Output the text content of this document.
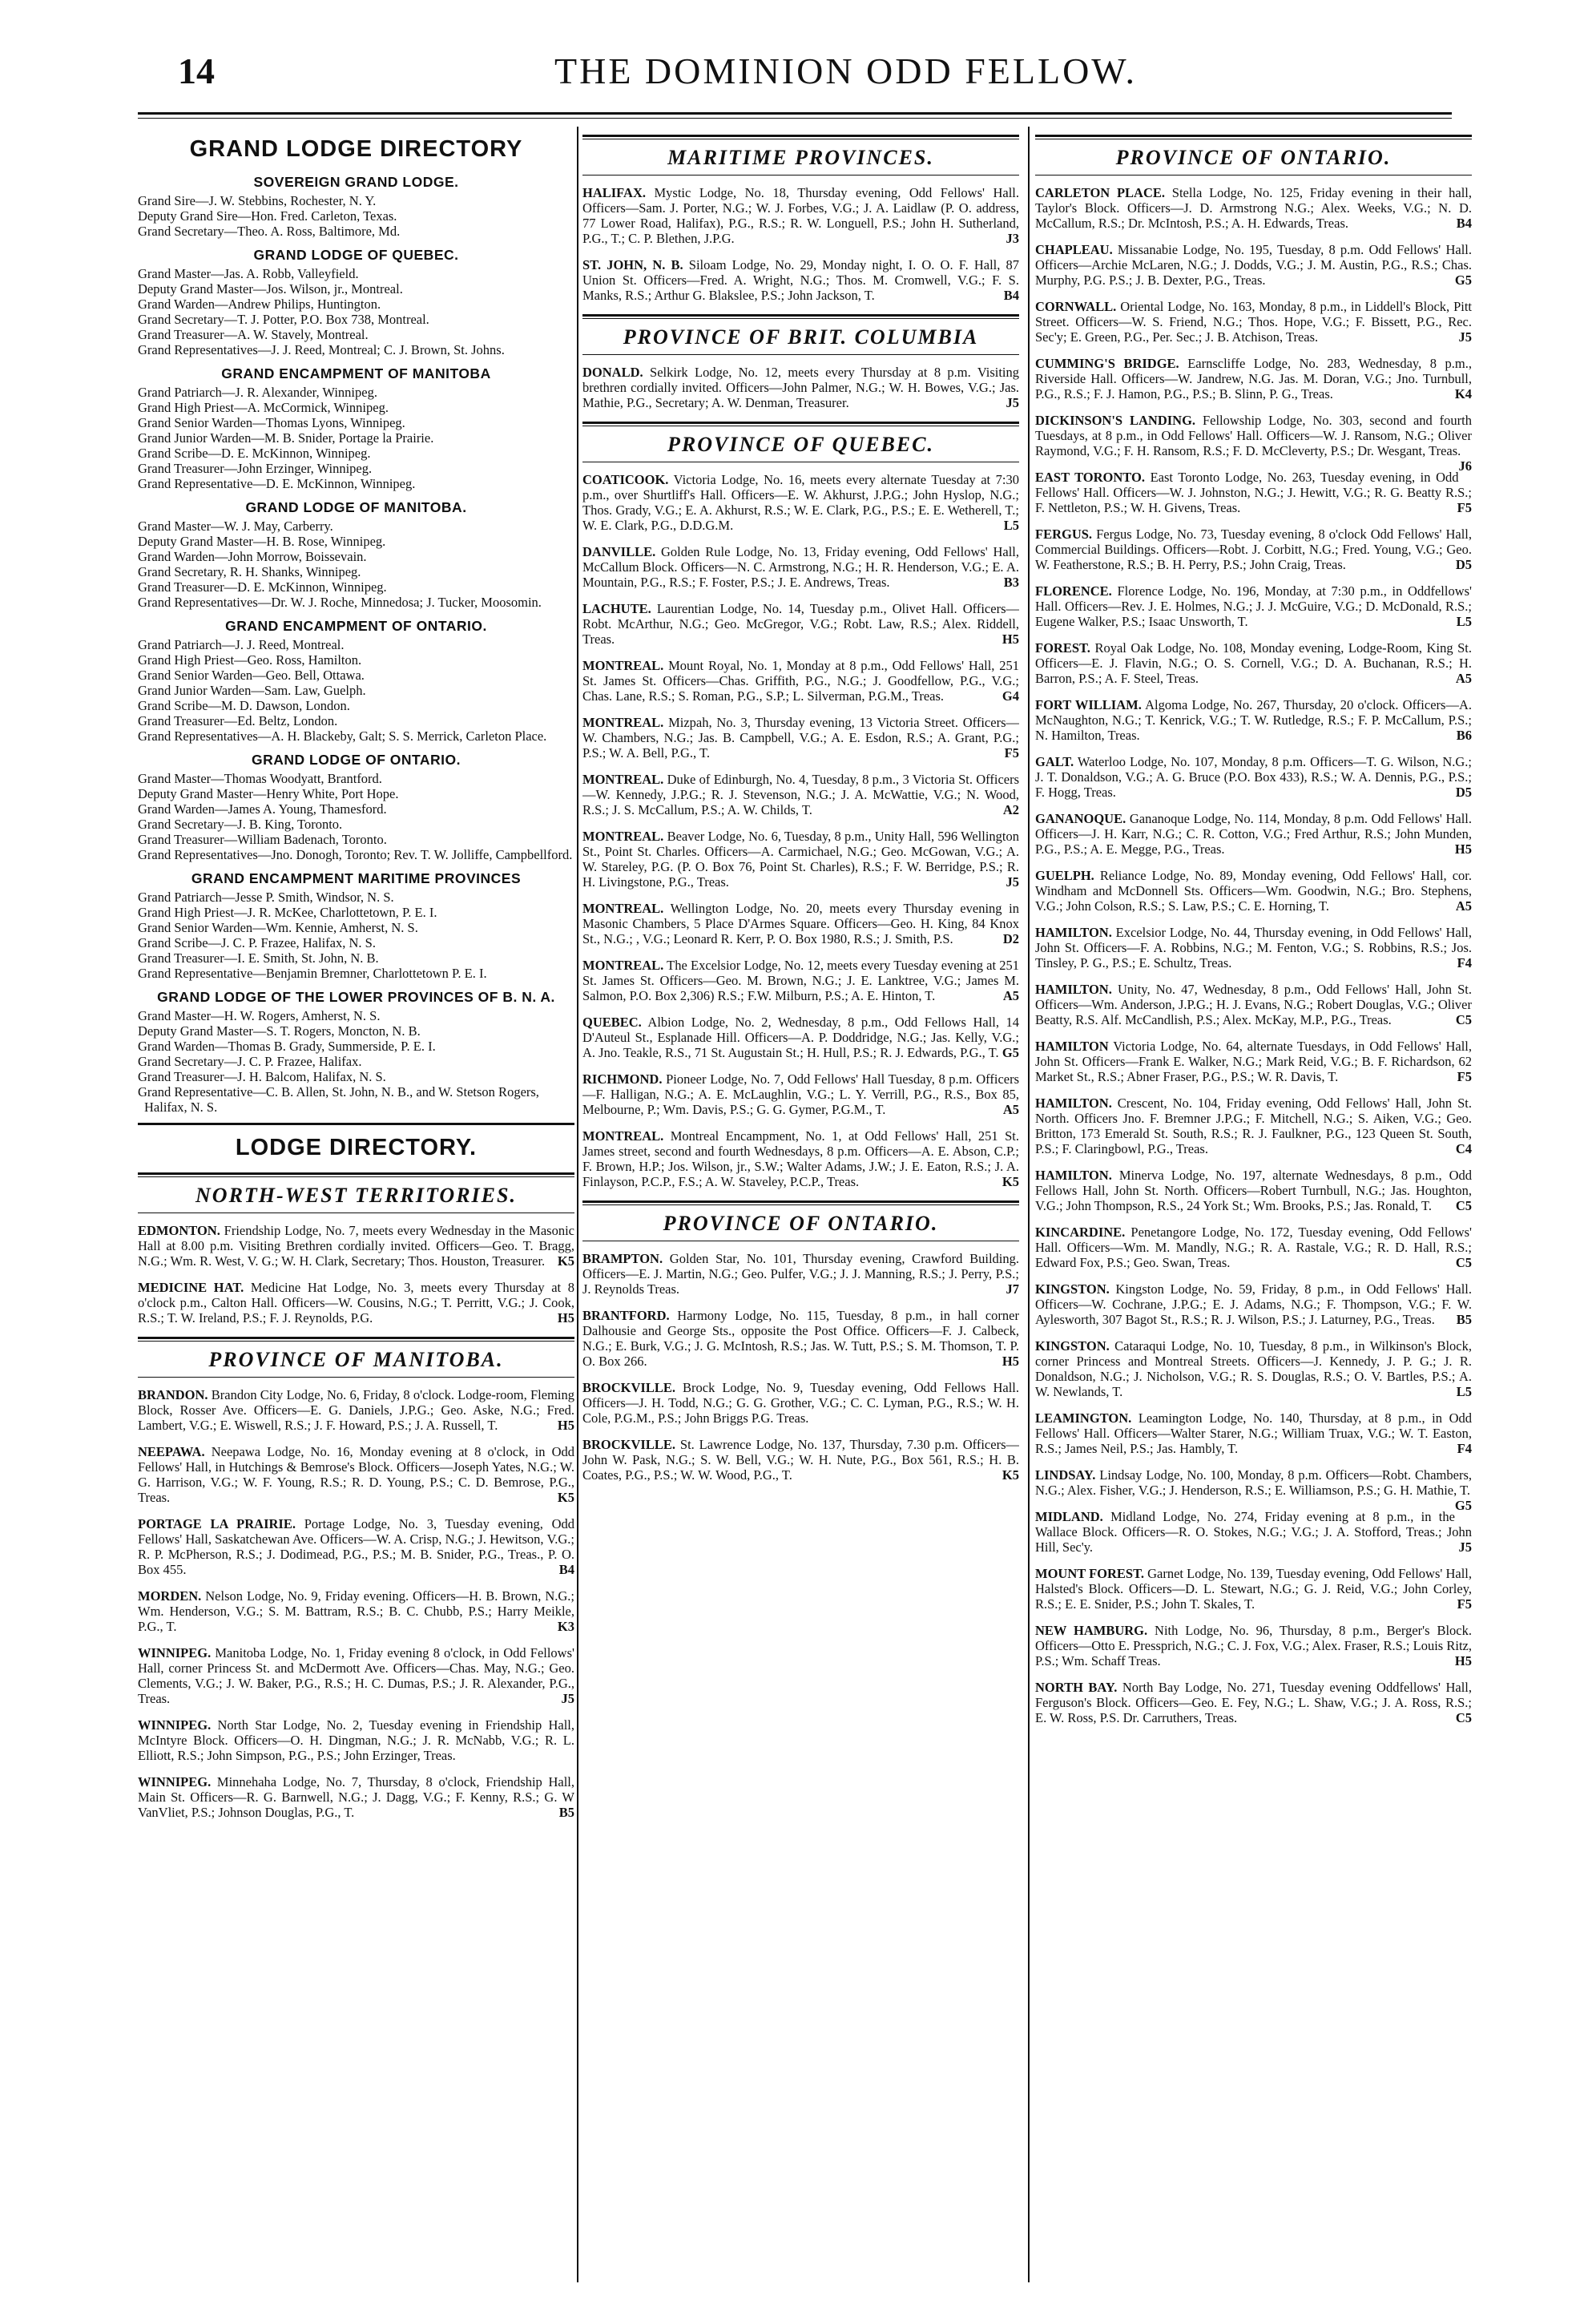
14	THE DOMINION ODD FELLOW.
GRAND LODGE DIRECTORY
SOVEREIGN GRAND LODGE.

Grand Sire—J. W. Stebbins, Rochester, N. Y.

Deputy Grand Sire—Hon. Fred. Carleton, Texas.

Grand Secretary—Theo. A. Ross, Baltimore, Md.

GRAND LODGE OF QUEBEC.

Grand Master—Jas. A. Robb, Valleyfield.

Deputy Grand Master—Jos. Wilson, jr., Montreal.

Grand Warden—Andrew Philips, Huntington.

Grand Secretary—T. J. Potter, P.O. Box 738, Montreal.

Grand Treasurer—A. W. Stavely, Montreal.

Grand Representatives—J. J. Reed, Montreal; C. J. Brown, St. Johns.

GRAND ENCAMPMENT OF MANITOBA

Grand Patriarch—J. R. Alexander, Winnipeg.

Grand High Priest—A. McCormick, Winnipeg.

Grand Senior Warden—Thomas Lyons, Winnipeg.

Grand Junior Warden—M. B. Snider, Portage la Prairie.

Grand Scribe—D. E. McKinnon, Winnipeg.

Grand Treasurer—John Erzinger, Winnipeg.

Grand Representative—D. E. McKinnon, Winnipeg.

GRAND LODGE OF MANITOBA.

Grand Master—W. J. May, Carberry.

Deputy Grand Master—H. B. Rose, Winnipeg.

Grand Warden—John Morrow, Boissevain.

Grand Secretary, R. H. Shanks, Winnipeg.

Grand Treasurer—D. E. McKinnon, Winnipeg.

Grand Representatives—Dr. W. J. Roche, Minnedosa; J. Tucker, Moosomin.

GRAND ENCAMPMENT OF ONTARIO.

Grand Patriarch—J. J. Reed, Montreal.

Grand High Priest—Geo. Ross, Hamilton.

Grand Senior Warden—Geo. Bell, Ottawa.

Grand Junior Warden—Sam. Law, Guelph.

Grand Scribe—M. D. Dawson, London.

Grand Treasurer—Ed. Beltz, London.

Grand Representatives—A. H. Blackeby, Galt; S. S. Merrick, Carleton Place.

GRAND LODGE OF ONTARIO.

Grand Master—Thomas Woodyatt, Brantford.

Deputy Grand Master—Henry White, Port Hope.

Grand Warden—James A. Young, Thamesford.

Grand Secretary—J. B. King, Toronto.

Grand Treasurer—William Badenach, Toronto.

Grand Representatives—Jno. Donogh, Toronto; Rev. T. W. Jolliffe, Campbellford.

GRAND ENCAMPMENT MARITIME PROVINCES

Grand Patriarch—Jesse P. Smith, Windsor, N. S.

Grand High Priest—J. R. McKee, Charlottetown, P. E. I.

Grand Senior Warden—Wm. Kennie, Amherst, N. S.

Grand Scribe—J. C. P. Frazee, Halifax, N. S.

Grand Treasurer—I. E. Smith, St. John, N. B.

Grand Representative—Benjamin Bremner, Charlottetown P. E. I.

GRAND LODGE OF THE LOWER PROVINCES OF B. N. A.

Grand Master—H. W. Rogers, Amherst, N. S.

Deputy Grand Master—S. T. Rogers, Moncton, N. B.

Grand Warden—Thomas B. Grady, Summerside, P. E. I.

Grand Secretary—J. C. P. Frazee, Halifax.

Grand Treasurer—J. H. Balcom, Halifax, N. S.

Grand Representative—C. B. Allen, St. John, N. B., and W. Stetson Rogers, Halifax, N. S.

LODGE DIRECTORY.
NORTH-WEST TERRITORIES.

EDMONTON. Friendship Lodge, No. 7, meets every Wednesday in the Masonic Hall at 8.00 p.m. Visiting Brethren cordially invited. Officers—Geo. T. Bragg, N.G.; Wm. R. West, V. G.; W. H. Clark, Secretary; Thos. Houston, Treasurer. K5

MEDICINE HAT. Medicine Hat Lodge, No. 3, meets every Thursday at 8 o'clock p.m., Calton Hall. Officers—W. Cousins, N.G.; T. Perritt, V.G.; J. Cook, R.S.; T. W. Ireland, P.S.; F. J. Reynolds, P.G.	H5

PROVINCE OF MANITOBA.

BRANDON. Brandon City Lodge, No. 6, Friday, 8 o'clock. Lodge-room, Fleming Block, Rosser Ave. Officers—E. G. Daniels, J.P.G.; Geo. Aske, N.G.; Fred. Lambert, V.G.; E. Wiswell, R.S.; J. F. Howard, P.S.; J. A. Russell, T.	H5

NEEPAWA. Neepawa Lodge, No. 16, Monday evening at 8 o'clock, in Odd Fellows' Hall, in Hutchings & Bemrose's Block. Officers—Joseph Yates, N.G.; W. G. Harrison, V.G.; W. F. Young, R.S.; R. D. Young, P.S.; C. D. Bemrose, P.G., Treas.	K5

PORTAGE LA PRAIRIE. Portage Lodge, No. 3, Tuesday evening, Odd Fellows' Hall, Saskatchewan Ave. Officers—W. A. Crisp, N.G.; J. Hewitson, V.G.; R. P. McPherson, R.S.; J. Dodimead, P.G., P.S.; M. B. Snider, P.G., Treas., P. O. Box 455.	B4

MORDEN. Nelson Lodge, No. 9, Friday evening. Officers—H. B. Brown, N.G.; Wm. Henderson, V.G.; S. M. Battram, R.S.; B. C. Chubb, P.S.; Harry Meikle, P.G., T.	K3

WINNIPEG. Manitoba Lodge, No. 1, Friday evening 8 o'clock, in Odd Fellows' Hall, corner Princess St. and McDermott Ave. Officers—Chas. May, N.G.; Geo. Clements, V.G.; J. W. Baker, P.G., R.S.; H. C. Dumas, P.S.; J. R. Alexander, P.G., Treas.	J5

WINNIPEG. North Star Lodge, No. 2, Tuesday evening in Friendship Hall, McIntyre Block. Officers—O. H. Dingman, N.G.; J. R. McNabb, V.G.; R. L. Elliott, R.S.; John Simpson, P.G., P.S.; John Erzinger, Treas.

WINNIPEG. Minnehaha Lodge, No. 7, Thursday, 8 o'clock, Friendship Hall, Main St. Officers—R. G. Barnwell, N.G.; J. Dagg, V.G.; F. Kenny, R.S.; G. W VanVliet, P.S.; Johnson Douglas, P.G., T.	B5

MARITIME PROVINCES.

HALIFAX. Mystic Lodge, No. 18, Thursday evening, Odd Fellows' Hall. Officers—Sam. J. Porter, N.G.; W. J. Forbes, V.G.; J. A. Laidlaw (P. O. address, 77 Lower Road, Halifax), P.G., R.S.; R. W. Longuell, P.S.; John H. Sutherland, P.G., T.; C. P. Blethen, J.P.G.	J3

ST. JOHN, N. B. Siloam Lodge, No. 29, Monday night, I. O. O. F. Hall, 87 Union St. Officers—Fred. A. Wright, N.G.; Thos. M. Cromwell, V.G.; F. S. Manks, R.S.; Arthur G. Blakslee, P.S.; John Jackson, T.	B4

PROVINCE OF BRIT. COLUMBIA

DONALD. Selkirk Lodge, No. 12, meets every Thursday at 8 p.m. Visiting brethren cordially invited. Officers—John Palmer, N.G.; W. H. Bowes, V.G.; Jas. Mathie, P.G., Secretary; A. W. Denman, Treasurer.	J5

PROVINCE OF QUEBEC.

COATICOOK. Victoria Lodge, No. 16, meets every alternate Tuesday at 7:30 p.m., over Shurtliff's Hall. Officers—E. W. Akhurst, J.P.G.; John Hyslop, N.G.; Thos. Grady, V.G.; E. A. Akhurst, R.S.; W. E. Clark, P.G., P.S.; E. E. Wetherell, T.; W. E. Clark, P.G., D.D.G.M.	L5

DANVILLE. Golden Rule Lodge, No. 13, Friday evening, Odd Fellows' Hall, McCallum Block. Officers—N. C. Armstrong, N.G.; H. R. Henderson, V.G.; E. A. Mountain, P.G., R.S.; F. Foster, P.S.; J. E. Andrews, Treas.	B3

LACHUTE. Laurentian Lodge, No. 14, Tuesday p.m., Olivet Hall. Officers—Robt. McArthur, N.G.; Geo. McGregor, V.G.; Robt. Law, R.S.; Alex. Riddell, Treas.	H5

MONTREAL. Mount Royal, No. 1, Monday at 8 p.m., Odd Fellows' Hall, 251 St. James St. Officers—Chas. Griffith, P.G., N.G.; J. Goodfellow, P.G., V.G.; Chas. Lane, R.S.; S. Roman, P.G., S.P.; L. Silverman, P.G.M., Treas.	G4

MONTREAL. Mizpah, No. 3, Thursday evening, 13 Victoria Street. Officers—W. Chambers, N.G.; Jas. B. Campbell, V.G.; A. E. Esdon, R.S.; A. Grant, P.G.; P.S.; W. A. Bell, P.G., T.	F5

MONTREAL. Duke of Edinburgh, No. 4, Tuesday, 8 p.m., 3 Victoria St. Officers—W. Kennedy, J.P.G.; R. J. Stevenson, N.G.; J. A. McWattie, V.G.; N. Wood, R.S.; J. S. McCallum, P.S.; A. W. Childs, T.	A2

MONTREAL. Beaver Lodge, No. 6, Tuesday, 8 p.m., Unity Hall, 596 Wellington St., Point St. Charles. Officers—A. Carmichael, N.G.; Geo. McGowan, V.G.; A. W. Stareley, P.G. (P. O. Box 76, Point St. Charles), R.S.; F. W. Berridge, P.S.; R. H. Livingstone, P.G., Treas.	J5

MONTREAL. Wellington Lodge, No. 20, meets every Thursday evening in Masonic Chambers, 5 Place D'Armes Square. Officers—Geo. H. King, 84 Knox St., N.G.; , V.G.; Leonard R. Kerr, P. O. Box 1980, R.S.; J. Smith, P.S.	D2

MONTREAL. The Excelsior Lodge, No. 12, meets every Tuesday evening at 251 St. James St. Officers—Geo. M. Brown, N.G.; J. E. Lanktree, V.G.; James M. Salmon, P.O. Box 2,306) R.S.; F.W. Milburn, P.S.; A. E. Hinton, T.	A5

QUEBEC. Albion Lodge, No. 2, Wednesday, 8 p.m., Odd Fellows Hall, 14 D'Auteul St., Esplanade Hill. Officers—A. P. Doddridge, N.G.; Jas. Kelly, V.G.; A. Jno. Teakle, R.S., 71 St. Augustain St.; H. Hull, P.S.; R. J. Edwards, P.G., T. G5

RICHMOND. Pioneer Lodge, No. 7, Odd Fellows' Hall Tuesday, 8 p.m. Officers—F. Halligan, N.G.; A. E. McLaughlin, V.G.; L. Y. Verrill, P.G., R.S., Box 85, Melbourne, P.; Wm. Davis, P.S.; G. G. Gymer, P.G.M., T.	A5

MONTREAL. Montreal Encampment, No. 1, at Odd Fellows' Hall, 251 St. James street, second and fourth Wednesdays, 8 p.m. Officers—A. E. Abson, C.P.; F. Brown, H.P.; Jos. Wilson, jr., S.W.; Walter Adams, J.W.; J. E. Eaton, R.S.; J. A. Finlayson, P.C.P., F.S.; A. W. Staveley, P.C.P., Treas.	K5

PROVINCE OF ONTARIO.

BRAMPTON. Golden Star, No. 101, Thursday evening, Crawford Building. Officers—E. J. Martin, N.G.; Geo. Pulfer, V.G.; J. J. Manning, R.S.; J. Perry, P.S.; J. Reynolds Treas.	J7

BRANTFORD. Harmony Lodge, No. 115, Tuesday, 8 p.m., in hall corner Dalhousie and George Sts., opposite the Post Office. Officers—F. J. Calbeck, N.G.; E. Burk, V.G.; J. G. McIntosh, R.S.; Jas. W. Tutt, P.S.; S. M. Thomson, T. P. O. Box 266.	H5

BROCKVILLE. Brock Lodge, No. 9, Tuesday evening, Odd Fellows Hall. Officers—J. H. Todd, N.G.; G. G. Grother, V.G.; C. C. Lyman, P.G., R.S.; W. H. Cole, P.G.M., P.S.; John Briggs P.G. Treas.

BROCKVILLE. St. Lawrence Lodge, No. 137, Thursday, 7.30 p.m. Officers—John W. Pask, N.G.; S. W. Bell, V.G.; W. H. Nute, P.G., Box 561, R.S.; H. B. Coates, P.G., P.S.; W. W. Wood, P.G., T.	K5

PROVINCE OF ONTARIO.

CARLETON PLACE. Stella Lodge, No. 125, Friday evening in their hall, Taylor's Block. Officers—J. D. Armstrong N.G.; Alex. Weeks, V.G.; N. D. McCallum, R.S.; Dr. McIntosh, P.S.; A. H. Edwards, Treas.	B4

CHAPLEAU. Missanabie Lodge, No. 195, Tuesday, 8 p.m. Odd Fellows' Hall. Officers—Archie McLaren, N.G.; J. Dodds, V.G.; J. M. Austin, P.G., R.S.; Chas. Murphy, P.G. P.S.; J. B. Dexter, P.G., Treas.	G5

CORNWALL. Oriental Lodge, No. 163, Monday, 8 p.m., in Liddell's Block, Pitt Street. Officers—W. S. Friend, N.G.; Thos. Hope, V.G.; F. Bissett, P.G., Rec. Sec'y; E. Green, P.G., Per. Sec.; J. B. Atchison, Treas.	J5

CUMMING'S BRIDGE. Earnscliffe Lodge, No. 283, Wednesday, 8 p.m., Riverside Hall. Officers—W. Jandrew, N.G. Jas. M. Doran, V.G.; Jno. Turnbull, P.G., R.S.; F. J. Hamon, P.G., P.S.; B. Slinn, P. G., Treas.	K4

DICKINSON'S LANDING. Fellowship Lodge, No. 303, second and fourth Tuesdays, at 8 p.m., in Odd Fellows' Hall. Officers—W. J. Ransom, N.G.; Oliver Raymond, V.G.; F. H. Ransom, R.S.; F. D. McCleverty, P.S.; Dr. Wesgant, Treas.
J6

EAST TORONTO. East Toronto Lodge, No. 263, Tuesday evening, in Odd Fellows' Hall. Officers—W. J. Johnston, N.G.; J. Hewitt, V.G.; R. G. Beatty R.S.; F. Nettleton, P.S.; W. H. Givens, Treas.	F5

FERGUS. Fergus Lodge, No. 73, Tuesday evening, 8 o'clock Odd Fellows' Hall, Commercial Buildings. Officers—Robt. J. Corbitt, N.G.; Fred. Young, V.G.; Geo. W. Featherstone, R.S.; B. H. Perry, P.S.; John Craig, Treas.	D5

FLORENCE. Florence Lodge, No. 196, Monday, at 7:30 p.m., in Oddfellows' Hall. Officers—Rev. J. E. Holmes, N.G.; J. J. McGuire, V.G.; D. McDonald, R.S.; Eugene Walker, P.S.; Isaac Unsworth, T.	L5

FOREST. Royal Oak Lodge, No. 108, Monday evening, Lodge-Room, King St. Officers—E. J. Flavin, N.G.; O. S. Cornell, V.G.; D. A. Buchanan, R.S.; H. Barron, P.S.; A. F. Steel, Treas.	A5

FORT WILLIAM. Algoma Lodge, No. 267, Thursday, 20 o'clock. Officers—A. McNaughton, N.G.; T. Kenrick, V.G.; T. W. Rutledge, R.S.; F. P. McCallum, P.S.; N. Hamilton, Treas.	B6

GALT. Waterloo Lodge, No. 107, Monday, 8 p.m. Officers—T. G. Wilson, N.G.; J. T. Donaldson, V.G.; A. G. Bruce (P.O. Box 433), R.S.; W. A. Dennis, P.G., P.S.; F. Hogg, Treas.	D5

GANANOQUE. Gananoque Lodge, No. 114, Monday, 8 p.m. Odd Fellows' Hall. Officers—J. H. Karr, N.G.; C. R. Cotton, V.G.; Fred Arthur, R.S.; John Munden, P.G., P.S.; A. E. Megge, P.G., Treas.	H5

GUELPH. Reliance Lodge, No. 89, Monday evening, Odd Fellows' Hall, cor. Windham and McDonnell Sts. Officers—Wm. Goodwin, N.G.; Bro. Stephens, V.G.; John Colson, R.S.; S. Law, P.S.; C. E. Horning, T.	A5

HAMILTON. Excelsior Lodge, No. 44, Thursday evening, in Odd Fellows' Hall, John St. Officers—F. A. Robbins, N.G.; M. Fenton, V.G.; S. Robbins, R.S.; Jos. Tinsley, P. G., P.S.; E. Schultz, Treas.	F4

HAMILTON. Unity, No. 47, Wednesday, 8 p.m., Odd Fellows' Hall, John St. Officers—Wm. Anderson, J.P.G.; H. J. Evans, N.G.; Robert Douglas, V.G.; Oliver Beatty, R.S. Alf. McCandlish, P.S.; Alex. McKay, M.P., P.G., Treas.	C5

HAMILTON Victoria Lodge, No. 64, alternate Tuesdays, in Odd Fellows' Hall, John St. Officers—Frank E. Walker, N.G.; Mark Reid, V.G.; B. F. Richardson, 62 Market St., R.S.; Abner Fraser, P.G., P.S.; W. R. Davis, T.	F5

HAMILTON. Crescent, No. 104, Friday evening, Odd Fellows' Hall, John St. North. Officers Jno. F. Bremner J.P.G.; F. Mitchell, N.G.; S. Aiken, V.G.; Geo. Britton, 173 Emerald St. South, R.S.; R. J. Faulkner, P.G., 123 Queen St. South, P.S.; F. Claringbowl, P.G., Treas.	C4

HAMILTON. Minerva Lodge, No. 197, alternate Wednesdays, 8 p.m., Odd Fellows Hall, John St. North. Officers—Robert Turnbull, N.G.; Jas. Houghton, V.G.; John Thompson, R.S., 24 York St.; Wm. Brooks, P.S.; Jas. Ronald, T. C5

KINCARDINE. Penetangore Lodge, No. 172, Tuesday evening, Odd Fellows' Hall. Officers—Wm. M. Mandly, N.G.; R. A. Rastale, V.G.; R. D. Hall, R.S.; Edward Fox, P.S.; Geo. Swan, Treas.	C5

KINGSTON. Kingston Lodge, No. 59, Friday, 8 p.m., in Odd Fellows' Hall. Officers—W. Cochrane, J.P.G.; E. J. Adams, N.G.; F. Thompson, V.G.; F. W. Aylesworth, 307 Bagot St., R.S.; R. J. Wilson, P.S.; J. Laturney, P.G., Treas. B5

KINGSTON. Cataraqui Lodge, No. 10, Tuesday, 8 p.m., in Wilkinson's Block, corner Princess and Montreal Streets. Officers—J. Kennedy, J. P. G.; J. R. Donaldson, N.G.; J. Nicholson, V.G.; R. S. Douglas, R.S.; O. V. Bartles, P.S.; A. W. Newlands, T.	L5

LEAMINGTON. Leamington Lodge, No. 140, Thursday, at 8 p.m., in Odd Fellows' Hall. Officers—Walter Starer, N.G.; William Truax, V.G.; W. T. Easton, R.S.; James Neil, P.S.; Jas. Hambly, T.	F4

LINDSAY. Lindsay Lodge, No. 100, Monday, 8 p.m. Officers—Robt. Chambers, N.G.; Alex. Fisher, V.G.; J. Henderson, R.S.; E. Williamson, P.S.; G. H. Mathie, T.
G5

MIDLAND. Midland Lodge, No. 274, Friday evening at 8 p.m., in the Wallace Block. Officers—R. O. Stokes, N.G.; V.G.; J. A. Stofford, Treas.; John Hill, Sec'y.	J5

MOUNT FOREST. Garnet Lodge, No. 139, Tuesday evening, Odd Fellows' Hall, Halsted's Block. Officers—D. L. Stewart, N.G.; G. J. Reid, V.G.; John Corley, R.S.; E. E. Snider, P.S.; John T. Skales, T.	F5

NEW HAMBURG. Nith Lodge, No. 96, Thursday, 8 p.m., Berger's Block. Officers—Otto E. Pressprich, N.G.; C. J. Fox, V.G.; Alex. Fraser, R.S.; Louis Ritz, P.S.; Wm. Schaff Treas.	H5

NORTH BAY. North Bay Lodge, No. 271, Tuesday evening Oddfellows' Hall, Ferguson's Block. Officers—Geo. E. Fey, N.G.; L. Shaw, V.G.; J. A. Ross, R.S.; E. W. Ross, P.S. Dr. Carruthers, Treas.	C5
